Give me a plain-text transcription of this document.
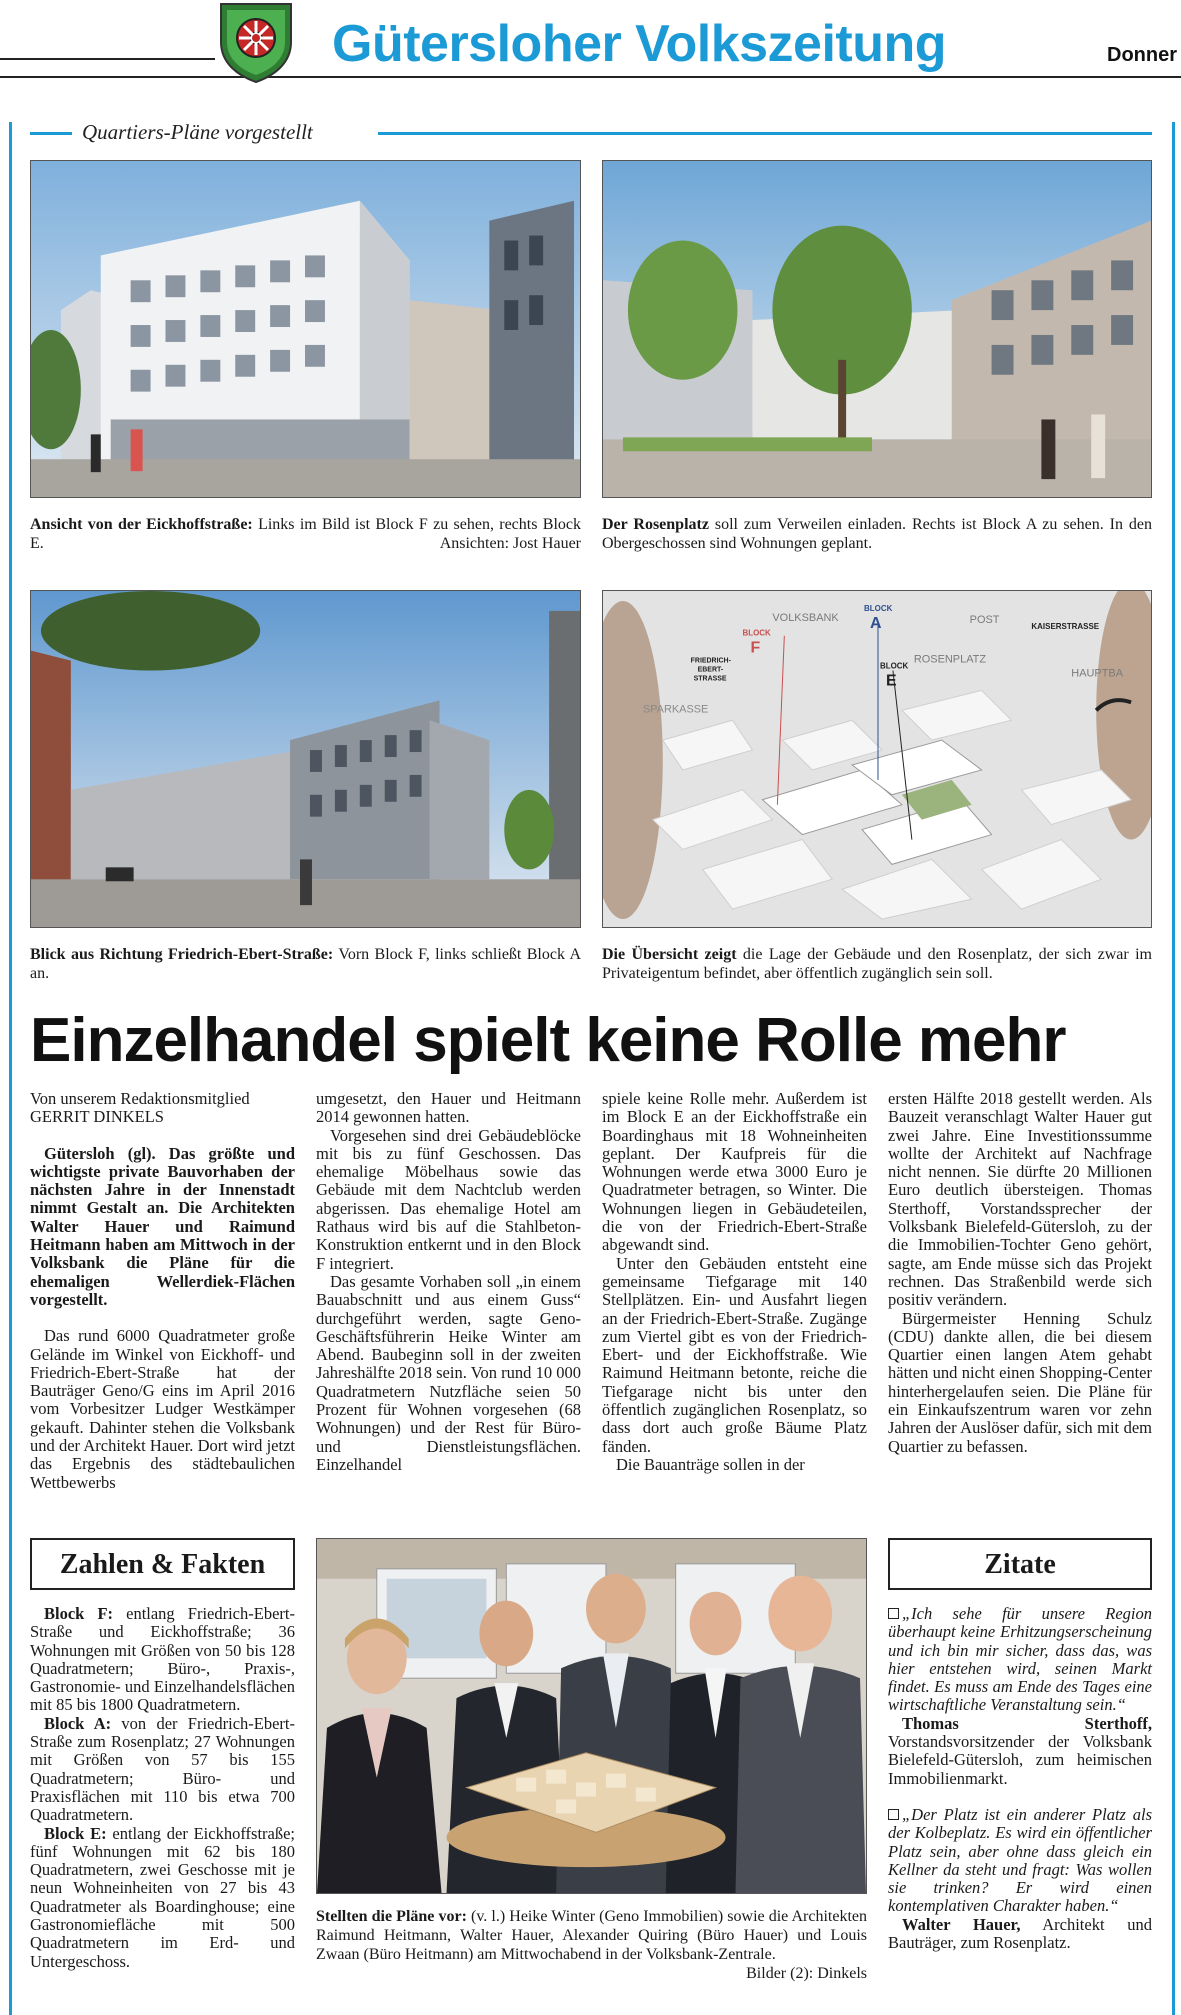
Gütersloher Volkszeitung	Donner
Quartiers-Pläne vorgestellt
Ansicht von der Eickhoffstraße: Links im Bild ist Block F zu sehen, rechts Block E.	Ansichten: Jost Hauer
Der Rosenplatz soll zum Verweilen einladen. Rechts ist Block A zu sehen. In den Obergeschossen sind Wohnungen geplant.
Blick aus Richtung Friedrich-Ebert-Straße: Vorn Block F, links schließt Block A an.
VOLKSBANK
BLOCK
A	POST
KAISERSTRASSE
BLOCK
F
FRIEDRICH-
EBERT-
STRASSE
ROSENPLATZ
BLOCK
E	HAUPTBA
SPARKASSE
Die Übersicht zeigt die Lage der Gebäude und den Rosenplatz, der sich zwar im Privateigentum befindet, aber öffentlich zugänglich sein soll.
Einzelhandel spielt keine Rolle mehr

Von unserem Redaktionsmitglied

GERRIT DINKELS

Gütersloh (gl). Das größte und wichtigste private Bauvorhaben der nächsten Jahre in der Innenstadt nimmt Gestalt an. Die Architekten Walter Hauer und Raimund Heitmann haben am Mittwoch in der Volksbank die Pläne für die ehemaligen Wellerdiek-Flächen vorgestellt.

Das rund 6000 Quadratmeter große Gelände im Winkel von Eickhoff- und Friedrich-Ebert-Straße hat der Bauträger Geno/G eins im April 2016 vom Vorbesitzer Ludger Westkämper gekauft. Dahinter stehen die Volksbank und der Architekt Hauer. Dort wird jetzt das Ergebnis des städtebaulichen Wettbewerbs

umgesetzt, den Hauer und Heitmann 2014 gewonnen hatten.

Vorgesehen sind drei Gebäudeblöcke mit bis zu fünf Geschossen. Das ehemalige Möbelhaus sowie das Gebäude mit dem Nachtclub werden abgerissen. Das ehemalige Hotel am Rathaus wird bis auf die Stahlbeton-Konstruktion entkernt und in den Block F integriert.

Das gesamte Vorhaben soll „in einem Bauabschnitt und aus einem Guss“ durchgeführt werden, sagte Geno-Geschäftsführerin Heike Winter am Abend. Baubeginn soll in der zweiten Jahreshälfte 2018 sein. Von rund 10 000 Quadratmetern Nutzfläche seien 50 Prozent für Wohnen vorgesehen (68 Wohnungen) und der Rest für Büro- und Dienstleistungsflächen. Einzelhandel

spiele keine Rolle mehr. Außerdem ist im Block E an der Eickhoffstraße ein Boardinghaus mit 18 Wohneinheiten geplant. Der Kaufpreis für die Wohnungen werde etwa 3000 Euro je Quadratmeter betragen, so Winter. Die Wohnungen liegen in Gebäudeteilen, die von der Friedrich-Ebert-Straße abgewandt sind.

Unter den Gebäuden entsteht eine gemeinsame Tiefgarage mit 140 Stellplätzen. Ein- und Ausfahrt liegen an der Friedrich-Ebert-Straße. Zugänge zum Viertel gibt es von der Friedrich-Ebert- und der Eickhoffstraße. Wie Raimund Heitmann betonte, reiche die Tiefgarage nicht bis unter den öffentlich zugänglichen Rosenplatz, so dass dort auch große Bäume Platz fänden.

Die Bauanträge sollen in der

ersten Hälfte 2018 gestellt werden. Als Bauzeit veranschlagt Walter Hauer gut zwei Jahre. Eine Investitionssumme wollte der Architekt auf Nachfrage nicht nennen. Sie dürfte 20 Millionen Euro deutlich übersteigen. Thomas Sterthoff, Vorstandssprecher der Volksbank Bielefeld-Gütersloh, zu der die Immobilien-Tochter Geno gehört, sagte, am Ende müsse sich das Projekt rechnen. Das Straßenbild werde sich positiv verändern.

Bürgermeister Henning Schulz (CDU) dankte allen, die bei diesem Quartier einen langen Atem gehabt hätten und nicht einen Shopping-Center hinterhergelaufen seien. Die Pläne für ein Einkaufszentrum waren vor zehn Jahren der Auslöser dafür, sich mit dem Quartier zu befassen.

Zahlen & Fakten

Block F: entlang Friedrich-Ebert-Straße und Eickhoffstraße; 36 Wohnungen mit Größen von 50 bis 128 Quadratmetern; Büro-, Praxis-, Gastronomie- und Einzelhandelsflächen mit 85 bis 1800 Quadratmetern.

Block A: von der Friedrich-Ebert-Straße zum Rosenplatz; 27 Wohnungen mit Größen von 57 bis 155 Quadratmetern; Büro- und Praxisflächen mit 110 bis etwa 700 Quadratmetern.

Block E: entlang der Eickhoffstraße; fünf Wohnungen mit 62 bis 180 Quadratmetern, zwei Geschosse mit je neun Wohneinheiten von 27 bis 43 Quadratmeter als Boardinghouse; eine Gastronomiefläche mit 500 Quadratmetern im Erd- und Untergeschoss.

Stellten die Pläne vor: (v. l.) Heike Winter (Geno Immobilien) sowie die Architekten Raimund Heitmann, Walter Hauer, Alexander Quiring (Büro Hauer) und Louis Zwaan (Büro Heitmann) am Mittwochabend in der Volksbank-Zentrale.
Bilder (2): Dinkels
Zitate

„Ich sehe für unsere Region überhaupt keine Erhitzungserscheinung und ich bin mir sicher, dass das, was hier entstehen wird, seinen Markt findet. Es muss am Ende des Tages eine wirtschaftliche Veranstaltung sein.“

Thomas Sterthoff, Vorstandsvorsitzender der Volksbank Bielefeld-Gütersloh, zum heimischen Immobilienmarkt.

„Der Platz ist ein anderer Platz als der Kolbeplatz. Es wird ein öffentlicher Platz sein, aber ohne dass gleich ein Kellner da steht und fragt: Was wollen sie trinken? Er wird einen kontemplativen Charakter haben.“

Walter Hauer, Architekt und Bauträger, zum Rosenplatz.
